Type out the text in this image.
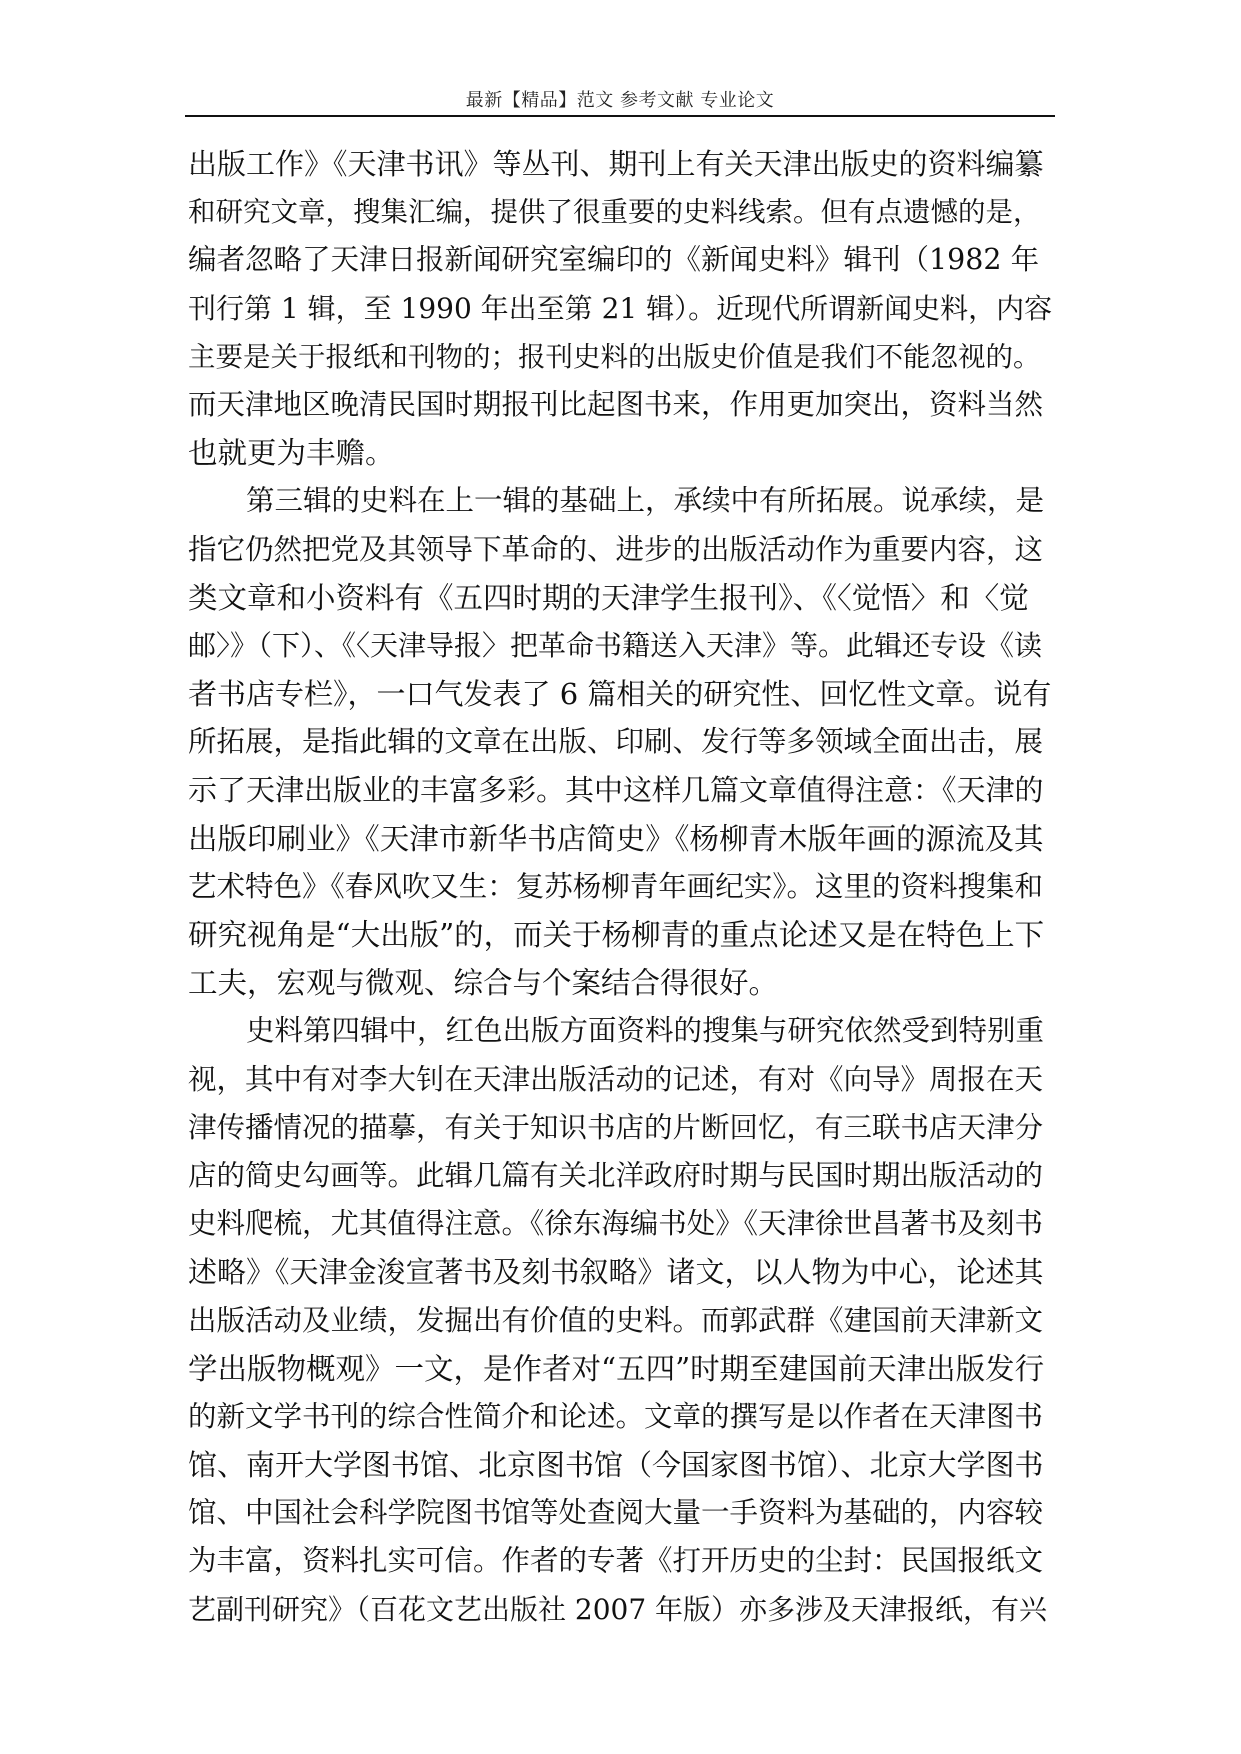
最新【精品】范文 参考文献 专业论文
出版工作》《天津书讯》等丛刊、期刊上有关天津出版史的资料编纂
和研究文章，搜集汇编，提供了很重要的史料线索。但有点遗憾的是，
编者忽略了天津日报新闻研究室编印的《新闻史料》辑刊（1982 年
刊行第 1 辑，至 1990 年出至第 21 辑）。近现代所谓新闻史料，内容
主要是关于报纸和刊物的；报刊史料的出版史价值是我们不能忽视的。
而天津地区晚清民国时期报刊比起图书来，作用更加突出，资料当然
也就更为丰赡。
第三辑的史料在上一辑的基础上，承续中有所拓展。说承续，是
指它仍然把党及其领导下革命的、进步的出版活动作为重要内容，这
类文章和小资料有《五四时期的天津学生报刊》、《〈觉悟〉和〈觉
邮〉》（下）、《〈天津导报〉把革命书籍送入天津》等。此辑还专设《读
者书店专栏》，一口气发表了 6 篇相关的研究性、回忆性文章。说有
所拓展，是指此辑的文章在出版、印刷、发行等多领域全面出击，展
示了天津出版业的丰富多彩。其中这样几篇文章值得注意：《天津的
出版印刷业》《天津市新华书店简史》《杨柳青木版年画的源流及其
艺术特色》《春风吹又生：复苏杨柳青年画纪实》。这里的资料搜集和
研究视角是“大出版”的，而关于杨柳青的重点论述又是在特色上下
工夫，宏观与微观、综合与个案结合得很好。
史料第四辑中，红色出版方面资料的搜集与研究依然受到特别重
视，其中有对李大钊在天津出版活动的记述，有对《向导》周报在天
津传播情况的描摹，有关于知识书店的片断回忆，有三联书店天津分
店的简史勾画等。此辑几篇有关北洋政府时期与民国时期出版活动的
史料爬梳，尤其值得注意。《徐东海编书处》《天津徐世昌著书及刻书
述略》《天津金浚宣著书及刻书叙略》诸文，以人物为中心，论述其
出版活动及业绩，发掘出有价值的史料。而郭武群《建国前天津新文
学出版物概观》一文，是作者对“五四”时期至建国前天津出版发行
的新文学书刊的综合性简介和论述。文章的撰写是以作者在天津图书
馆、南开大学图书馆、北京图书馆（今国家图书馆）、北京大学图书
馆、中国社会科学院图书馆等处查阅大量一手资料为基础的，内容较
为丰富，资料扎实可信。作者的专著《打开历史的尘封：民国报纸文
艺副刊研究》（百花文艺出版社 2007 年版）亦多涉及天津报纸，有兴
